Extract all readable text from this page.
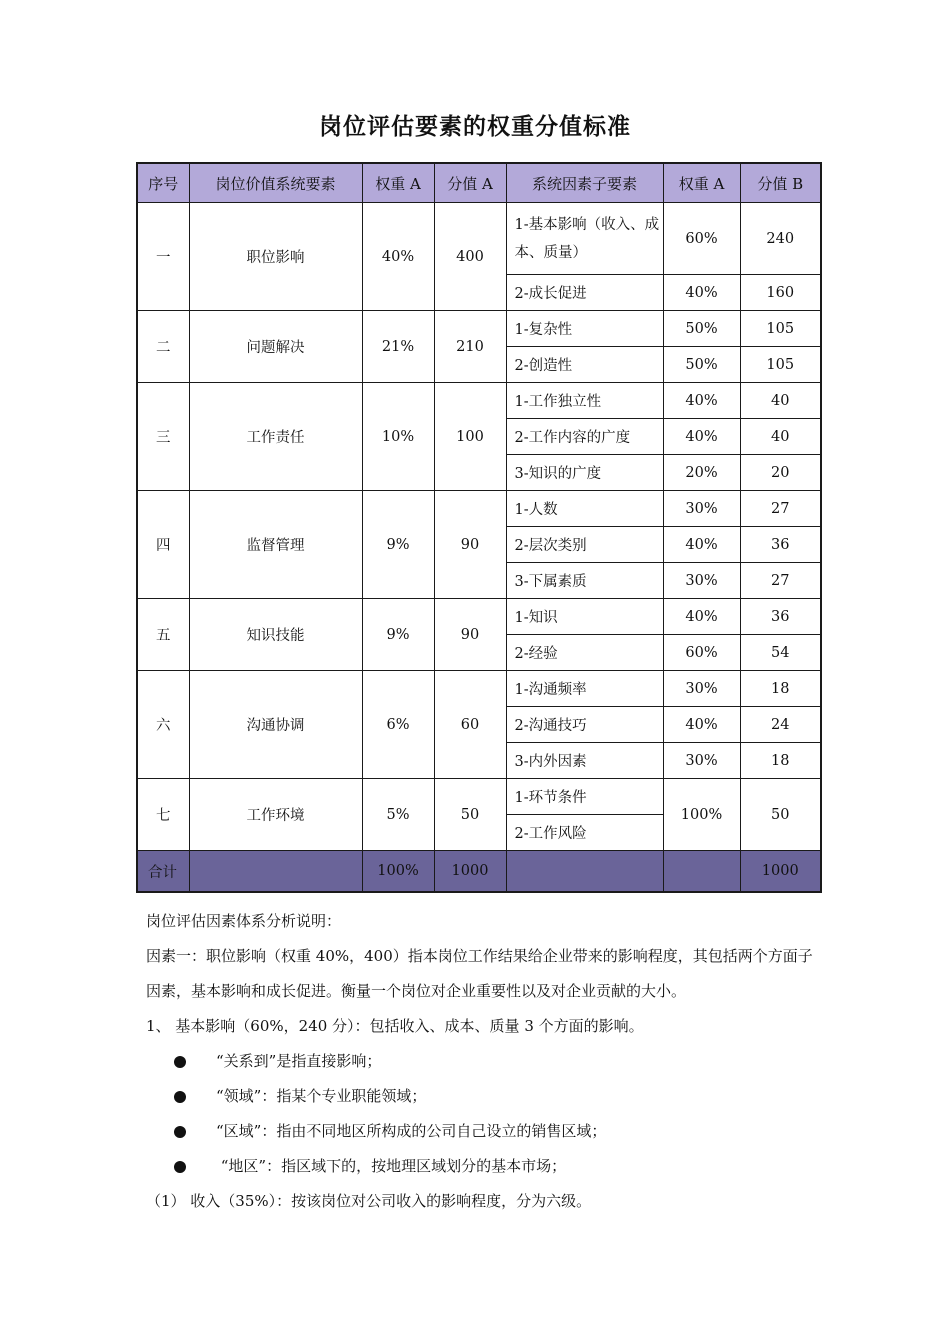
岗位评估要素的权重分值标准
序号	岗位价值系统要素	权重 A	分值 A	系统因素子要素	权重 A	分值 B
一	职位影响	40%	400	1-基本影响（收入、成本、质量）	60%	240
				2-成长促进	40%	160
二	问题解决	21%	210	1-复杂性	50%	105
				2-创造性	50%	105
三	工作责任	10%	100	1-工作独立性	40%	40
				2-工作内容的广度	40%	40
				3-知识的广度	20%	20
四	监督管理	9%	90	1-人数	30%	27
				2-层次类别	40%	36
				3-下属素质	30%	27
五	知识技能	9%	90	1-知识	40%	36
				2-经验	60%	54
六	沟通协调	6%	60	1-沟通频率	30%	18
				2-沟通技巧	40%	24
				3-内外因素	30%	18
七	工作环境	5%	50	1-环节条件	100%	50
				2-工作风险		
合计		100%	1000			1000

岗位评估因素体系分析说明：

因素一：职位影响（权重 40%，400）指本岗位工作结果给企业带来的影响程度，其包括两个方面子因素，基本影响和成长促进。衡量一个岗位对企业重要性以及对企业贡献的大小。

1、 基本影响（60%，240 分）：包括收入、成本、质量 3 个方面的影响。

“关系到”是指直接影响；

“领域”：指某个专业职能领域；

“区域”：指由不同地区所构成的公司自己设立的销售区域；

“地区”：指区域下的，按地理区域划分的基本市场；

（1） 收入（35%）：按该岗位对公司收入的影响程度，分为六级。
